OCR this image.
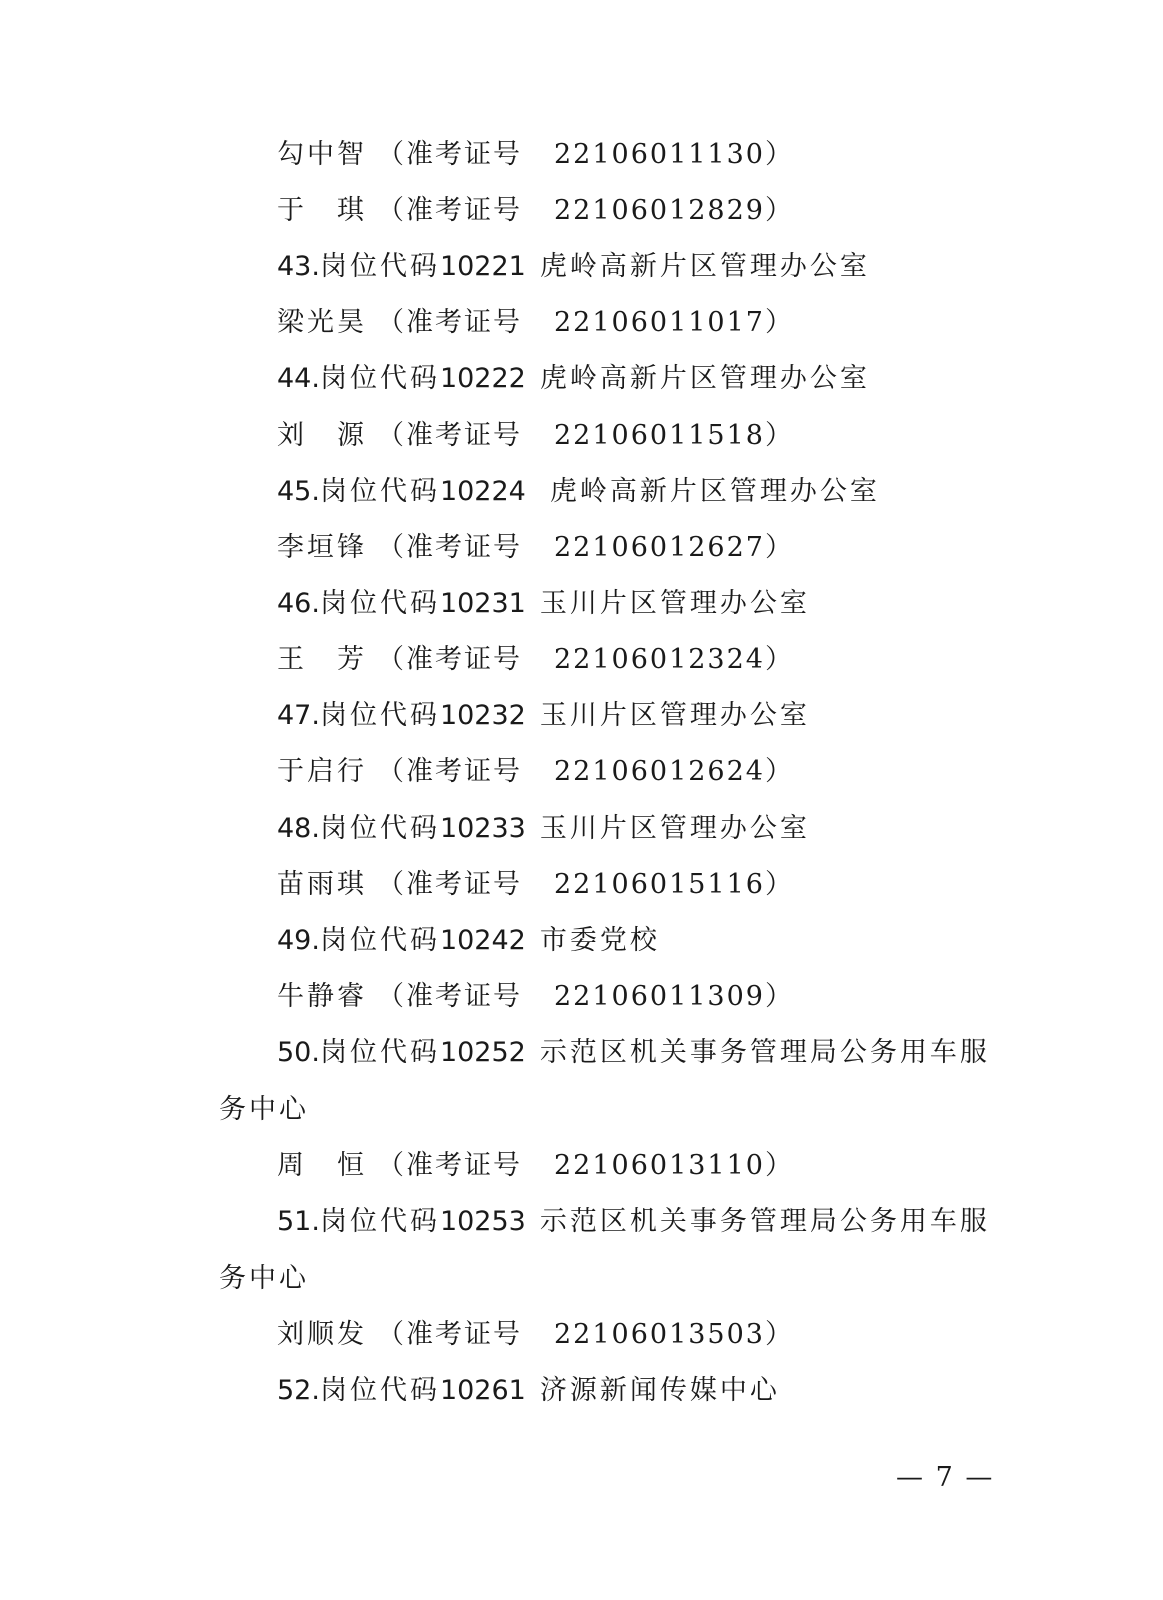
勾中智 （准考证号 22106011130）
于　琪 （准考证号 22106012829）
43.岗位代码10221 虎岭高新片区管理办公室
梁光昊 （准考证号 22106011017）
44.岗位代码10222 虎岭高新片区管理办公室
刘　源 （准考证号 22106011518）
45.岗位代码10224 虎岭高新片区管理办公室
李垣锋 （准考证号 22106012627）
46.岗位代码10231 玉川片区管理办公室
王　芳 （准考证号 22106012324）
47.岗位代码10232 玉川片区管理办公室
于启行 （准考证号 22106012624）
48.岗位代码10233 玉川片区管理办公室
苗雨琪 （准考证号 22106015116）
49.岗位代码10242 市委党校
牛静睿 （准考证号 22106011309）
50.岗位代码10252 示范区机关事务管理局公务用车服
务中心
周　恒 （准考证号 22106013110）
51.岗位代码10253 示范区机关事务管理局公务用车服
务中心
刘顺发 （准考证号 22106013503）
52.岗位代码10261 济源新闻传媒中心
— 7 —
